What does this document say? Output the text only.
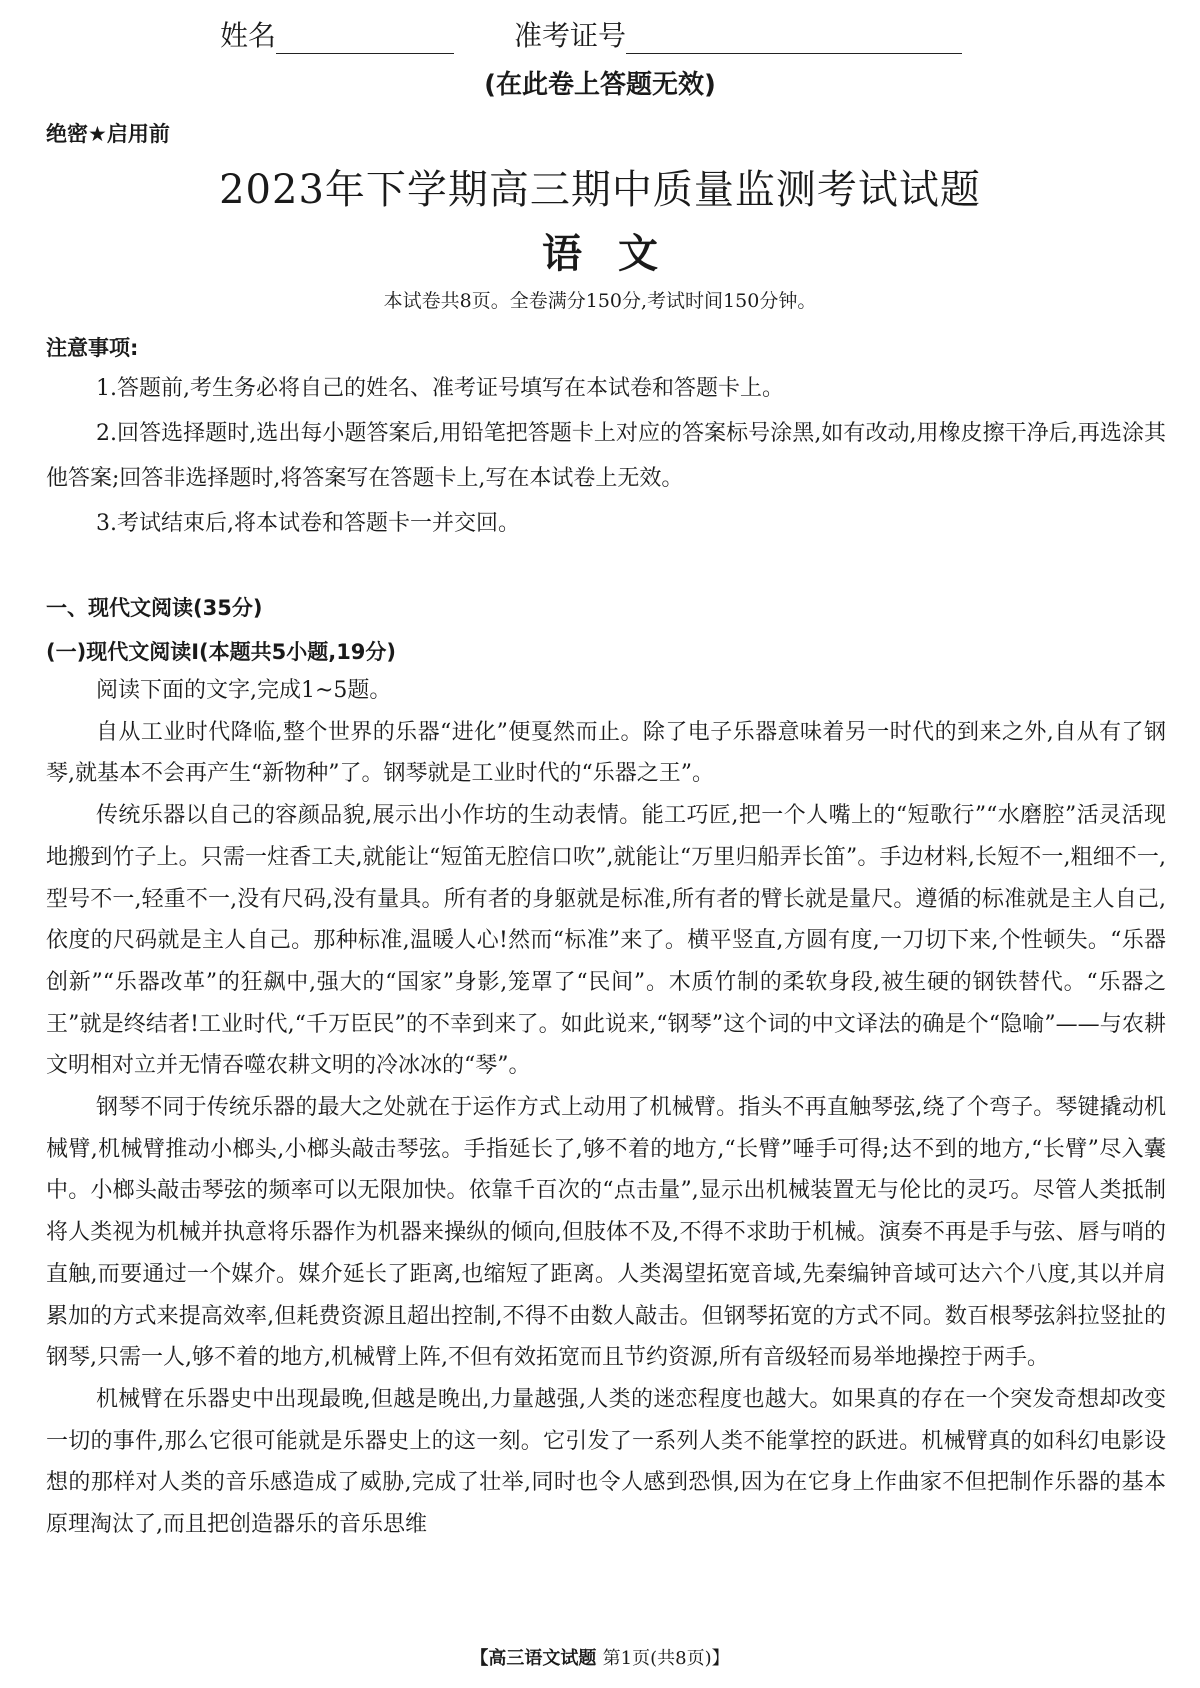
姓名	准考证号
(在此卷上答题无效)
绝密★启用前
2023年下学期高三期中质量监测考试试题
语文
本试卷共8页。全卷满分150分,考试时间150分钟。
注意事项:

1.答题前,考生务必将自己的姓名、准考证号填写在本试卷和答题卡上。

2.回答选择题时,选出每小题答案后,用铅笔把答题卡上对应的答案标号涂黑,如有改动,用橡皮擦干净后,再选涂其他答案;回答非选择题时,将答案写在答题卡上,写在本试卷上无效。

3.考试结束后,将本试卷和答题卡一并交回。

一、现代文阅读(35分)
(一)现代文阅读Ⅰ(本题共5小题,19分)

阅读下面的文字,完成1~5题。

自从工业时代降临,整个世界的乐器“进化”便戛然而止。除了电子乐器意味着另一时代的到来之外,自从有了钢琴,就基本不会再产生“新物种”了。钢琴就是工业时代的“乐器之王”。

传统乐器以自己的容颜品貌,展示出小作坊的生动表情。能工巧匠,把一个人嘴上的“短歌行”“水磨腔”活灵活现地搬到竹子上。只需一炷香工夫,就能让“短笛无腔信口吹”,就能让“万里归船弄长笛”。手边材料,长短不一,粗细不一,型号不一,轻重不一,没有尺码,没有量具。所有者的身躯就是标准,所有者的臂长就是量尺。遵循的标准就是主人自己,依度的尺码就是主人自己。那种标准,温暖人心!然而“标准”来了。横平竖直,方圆有度,一刀切下来,个性顿失。“乐器创新”“乐器改革”的狂飙中,强大的“国家”身影,笼罩了“民间”。木质竹制的柔软身段,被生硬的钢铁替代。“乐器之王”就是终结者!工业时代,“千万臣民”的不幸到来了。如此说来,“钢琴”这个词的中文译法的确是个“隐喻”——与农耕文明相对立并无情吞噬农耕文明的冷冰冰的“琴”。

钢琴不同于传统乐器的最大之处就在于运作方式上动用了机械臂。指头不再直触琴弦,绕了个弯子。琴键撬动机械臂,机械臂推动小榔头,小榔头敲击琴弦。手指延长了,够不着的地方,“长臂”唾手可得;达不到的地方,“长臂”尽入囊中。小榔头敲击琴弦的频率可以无限加快。依靠千百次的“点击量”,显示出机械装置无与伦比的灵巧。尽管人类抵制将人类视为机械并执意将乐器作为机器来操纵的倾向,但肢体不及,不得不求助于机械。演奏不再是手与弦、唇与哨的直触,而要通过一个媒介。媒介延长了距离,也缩短了距离。人类渴望拓宽音域,先秦编钟音域可达六个八度,其以并肩累加的方式来提高效率,但耗费资源且超出控制,不得不由数人敲击。但钢琴拓宽的方式不同。数百根琴弦斜拉竖扯的钢琴,只需一人,够不着的地方,机械臂上阵,不但有效拓宽而且节约资源,所有音级轻而易举地操控于两手。

机械臂在乐器史中出现最晚,但越是晚出,力量越强,人类的迷恋程度也越大。如果真的存在一个突发奇想却改变一切的事件,那么它很可能就是乐器史上的这一刻。它引发了一系列人类不能掌控的跃进。机械臂真的如科幻电影设想的那样对人类的音乐感造成了威胁,完成了壮举,同时也令人感到恐惧,因为在它身上作曲家不但把制作乐器的基本原理淘汰了,而且把创造器乐的音乐思维

【高三语文试题 第1页(共8页)】
